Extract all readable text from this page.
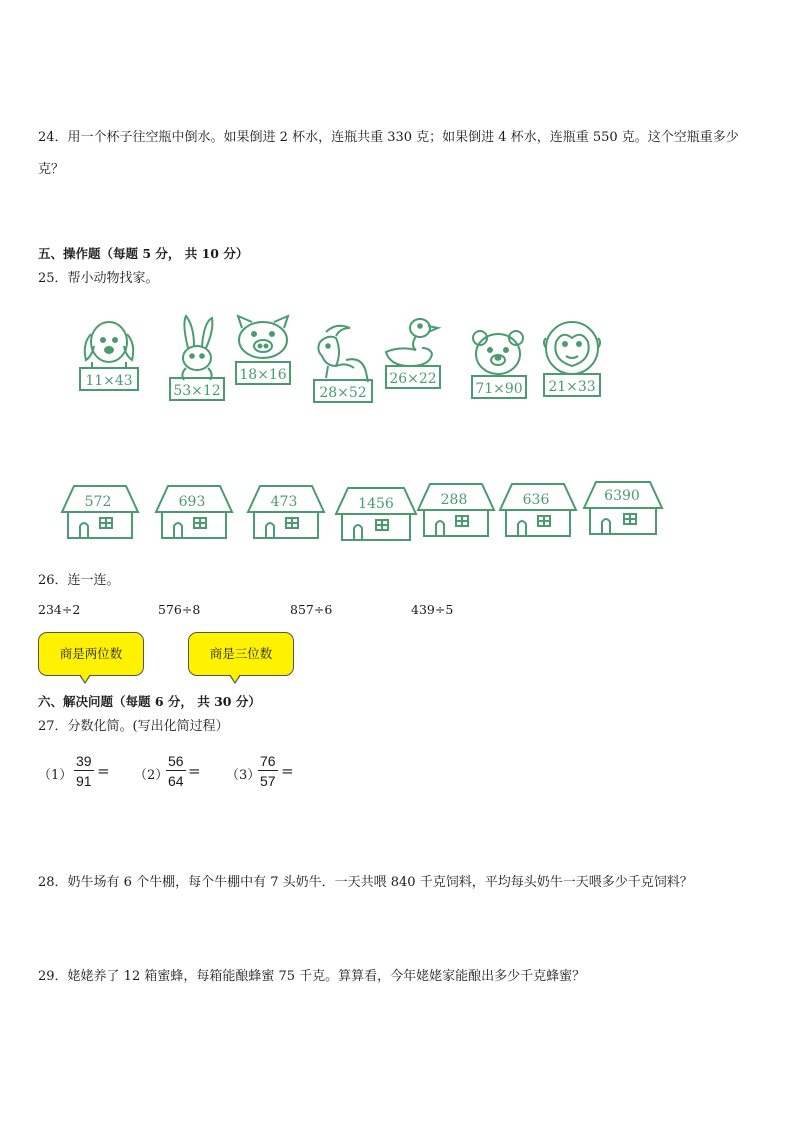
24．用一个杯子往空瓶中倒水。如果倒进 2 杯水，连瓶共重 330 克；如果倒进 4 杯水，连瓶重 550 克。这个空瓶重多少克？
五、操作题（每题 5 分， 共 10 分）
25．帮小动物找家。
11×43
53×12
18×16
28×52
26×22
71×90 21×33
572	693	473	1456	288	636	6390
26．连一连。
234÷2	576÷8	857÷6	439÷5
商是两位数	商是三位数
六、解决问题（每题 6 分， 共 30 分）
27．分数化简。(写出化简过程）
$(1) \frac{39}{91} = (2)$
$\frac{56}{64} = (3)$
$\frac{76}{57}$ =
28．奶牛场有 6 个牛棚，每个牛棚中有 7 头奶牛．一天共喂 840 千克饲料，平均每头奶牛一天喂多少千克饲料？
29．姥姥养了 12 箱蜜蜂，每箱能酿蜂蜜 75 千克。算算看，今年姥姥家能酿出多少千克蜂蜜？
